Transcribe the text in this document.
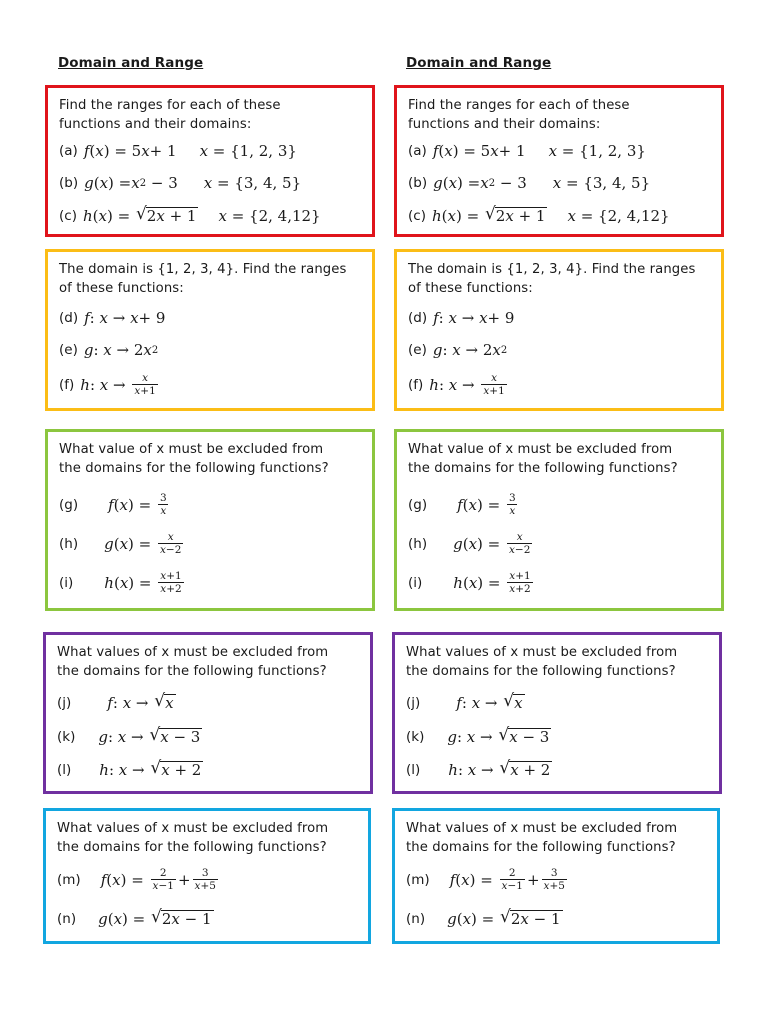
Domain and Range
Find the ranges for each of these
functions and their domains:
(a) f ( x ) = 5 x + 1 x = {1, 2, 3}
(b) g ( x ) = x 2 − 3 x = {3, 4, 5}
(c) h ( x ) = √ 2x + 1 x = {2, 4,12}
The domain is {1, 2, 3, 4}. Find the ranges
of these functions:
(d) f : x → x + 9
(e) g : x → 2 x 2
(f) h : $x \to \frac{x}{x+1}$
What value of x must be excluded from
the domains for the following functions?
(g) f ( x ) = $\frac{3}{x}$
(h) g ( x ) = $\frac{x}{x-2}$
(i) h ( x ) = $\frac{x+1}{x+2}$
What values of x must be excluded from
the domains for the following functions?
(j) f : x → √ x
(k) g : x → √ x − 3
(l) h : x → √ x + 2
What values of x must be excluded from
the domains for the following functions?
(m) f ( x ) = $\frac{2}{x-1} + \frac{3}{x+5}$
(n) g ( x ) = √ 2x − 1
Domain and Range
Find the ranges for each of these
functions and their domains:
(a) f ( x ) = 5 x + 1 x = {1, 2, 3}
(b) g ( x ) = x 2 − 3 x = {3, 4, 5}
(c) h ( x ) = √ 2x + 1 x = {2, 4,12}
The domain is {1, 2, 3, 4}. Find the ranges
of these functions:
(d) f : x → x + 9
(e) g : x → 2 x 2
(f) h : $x \to \frac{x}{x+1}$
What value of x must be excluded from
the domains for the following functions?
(g) f ( x ) = $\frac{3}{x}$
(h) g ( x ) = $\frac{x}{x-2}$
(i) h ( x ) = $\frac{x+1}{x+2}$
What values of x must be excluded from
the domains for the following functions?
(j) f : x → √ x
(k) g : x → √ x − 3
(l) h : x → √ x + 2
What values of x must be excluded from
the domains for the following functions?
(m) f ( x ) = $\frac{2}{x-1} + \frac{3}{x+5}$
(n) g ( x ) = √ 2x − 1
